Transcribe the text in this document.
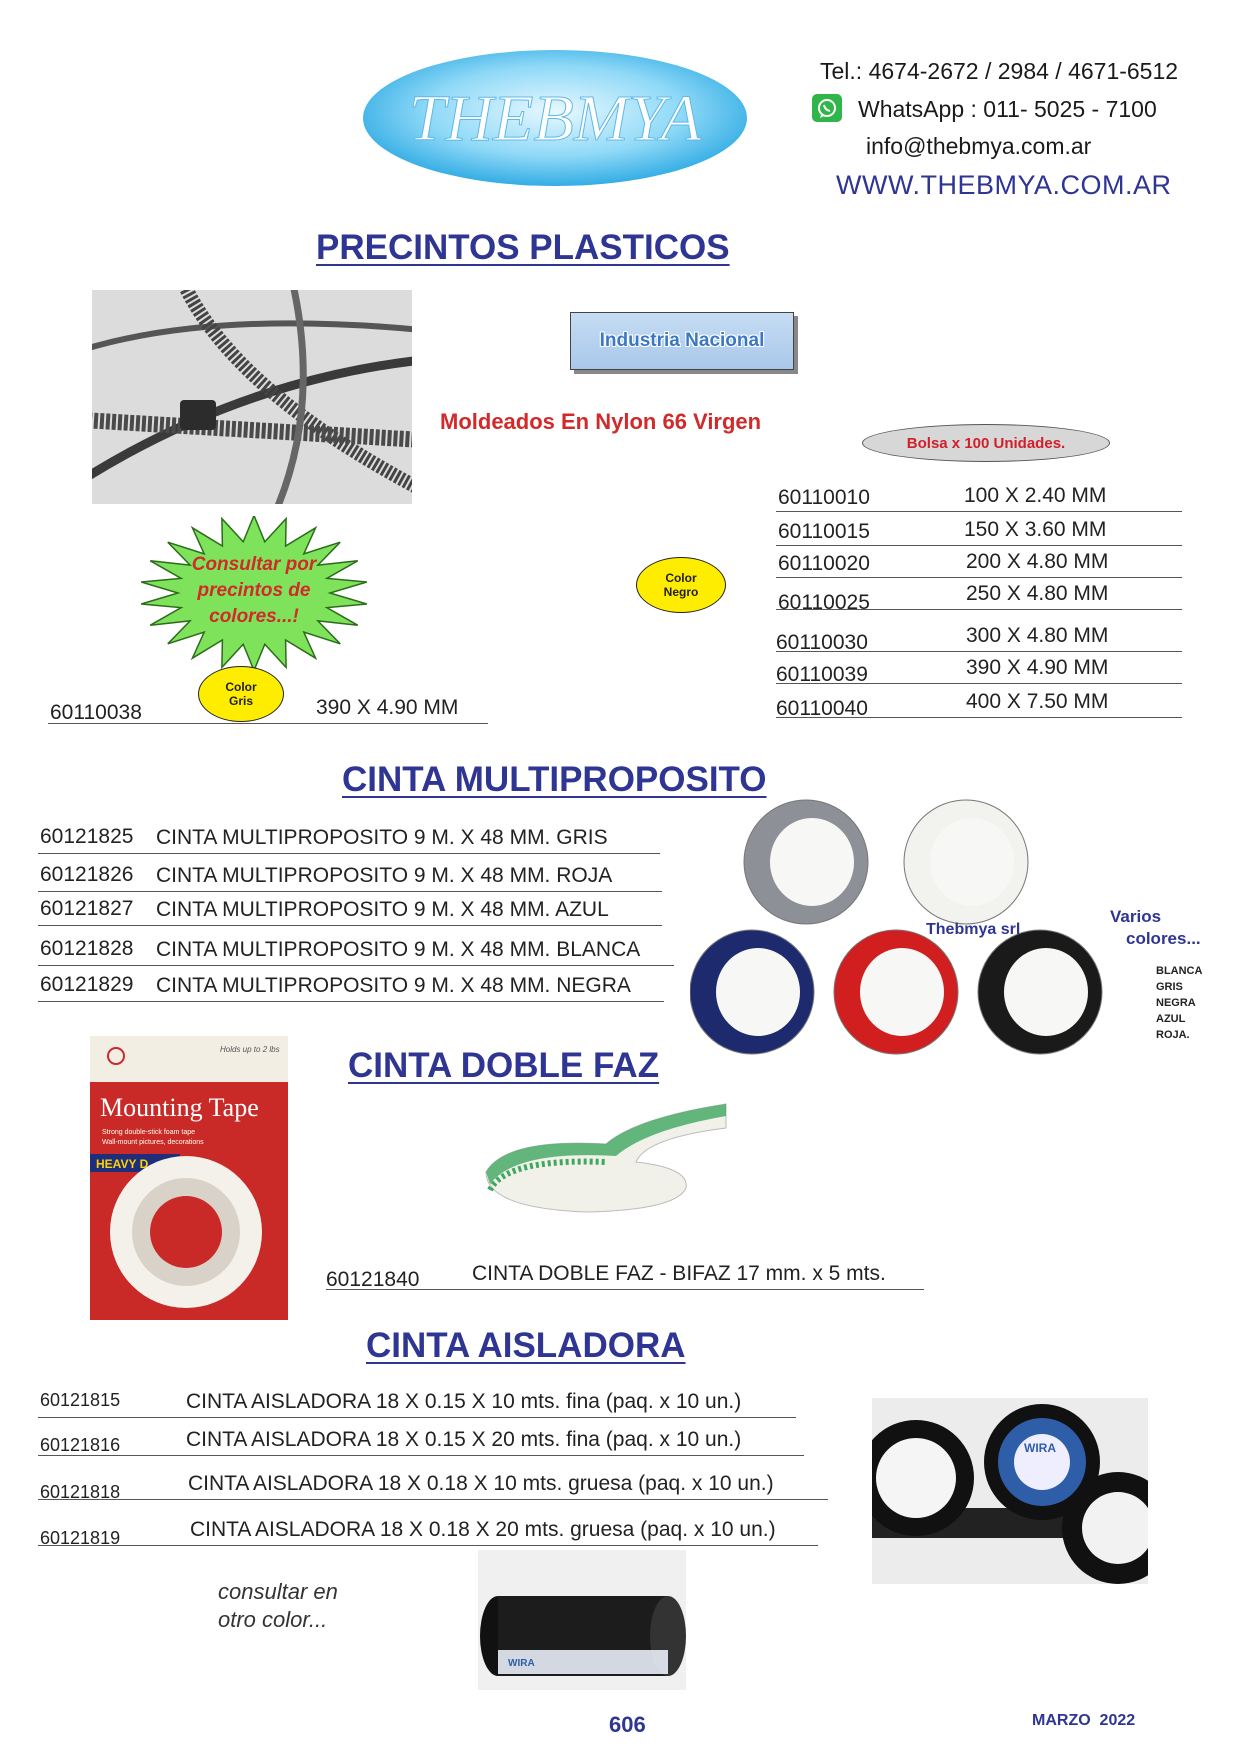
THEBMYA
Tel.: 4674-2672 / 2984 / 4671-6512
WhatsApp : 011- 5025 - 7100
info@thebmya.com.ar
WWW.THEBMYA.COM.AR
PRECINTOS PLASTICOS
Industria Nacional
Moldeados En Nylon 66 Virgen
Bolsa x 100 Unidades.
Consultar por
precintos de
colores...!
Color
Negro
Color
Gris
60110038	390 X 4.90 MM
60110010	100 X 2.40 MM
60110015	150 X 3.60 MM
60110020	200 X 4.80 MM
60110025	250 X 4.80 MM
60110030	300 X 4.80 MM
60110039	390 X 4.90 MM
60110040	400 X 7.50 MM
CINTA MULTIPROPOSITO
60121825 CINTA MULTIPROPOSITO 9 M. X 48 MM. GRIS
60121826 CINTA MULTIPROPOSITO 9 M. X 48 MM. ROJA
60121827 CINTA MULTIPROPOSITO 9 M. X 48 MM. AZUL
60121828 CINTA MULTIPROPOSITO 9 M. X 48 MM. BLANCA
60121829 CINTA MULTIPROPOSITO 9 M. X 48 MM. NEGRA
Thebmya srl
Varios
colores...
BLANCA
GRIS
NEGRA
AZUL
ROJA.
CINTA DOBLE FAZ
Holds up to 2 lbs
Mounting Tape
Strong double-stick foam tape
Wall-mount pictures, decorations
HEAVY D
60121840	CINTA DOBLE FAZ - BIFAZ 17 mm. x 5 mts.
CINTA AISLADORA
60121815	CINTA AISLADORA 18 X 0.15 X 10 mts. fina (paq. x 10 un.)
60121816	CINTA AISLADORA 18 X 0.15 X 20 mts. fina (paq. x 10 un.)
60121818	CINTA AISLADORA 18 X 0.18 X 10 mts. gruesa (paq. x 10 un.)
60121819	CINTA AISLADORA 18 X 0.18 X 20 mts. gruesa (paq. x 10 un.)
WIRA
consultar en
otro color...
WIRA
606	MARZO  2022
